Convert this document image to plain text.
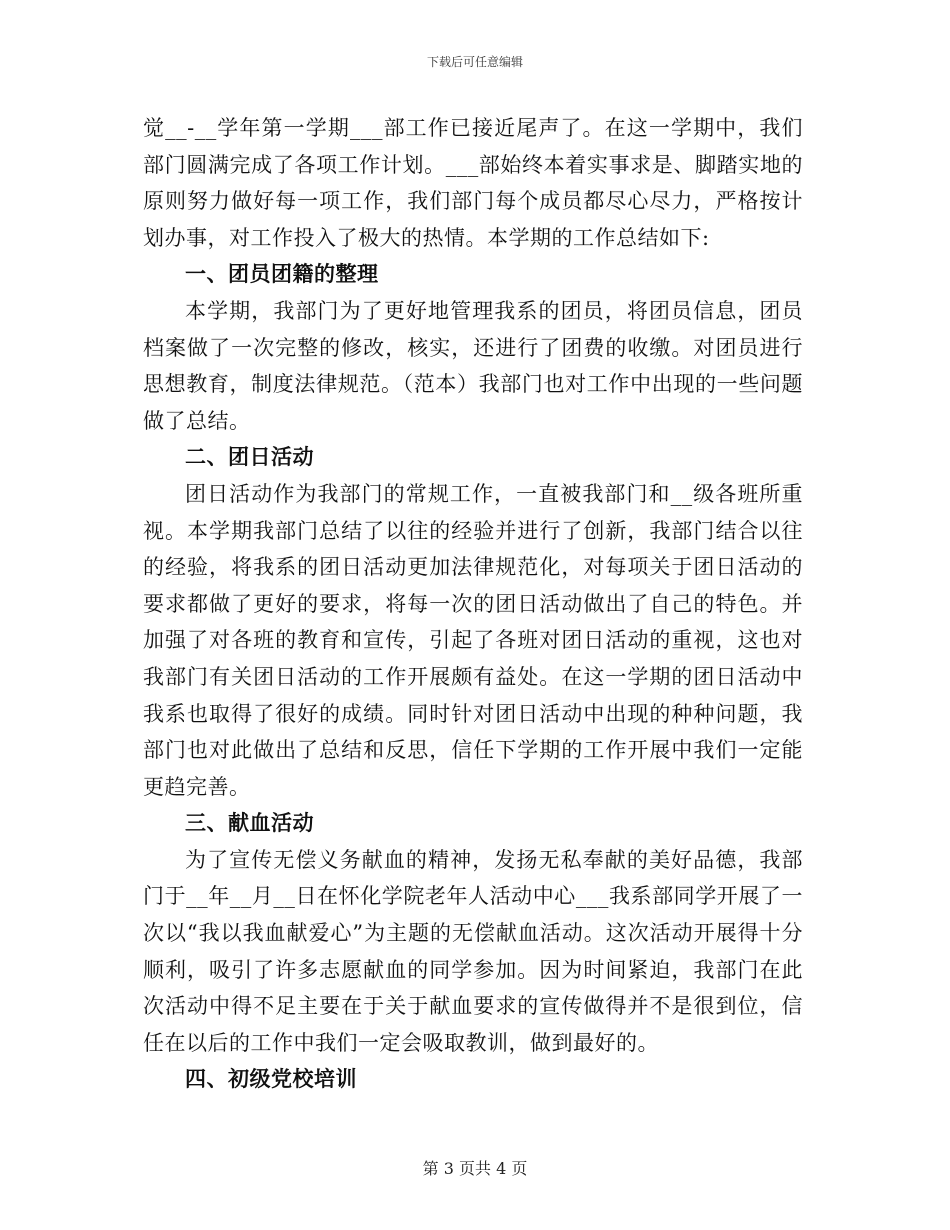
下载后可任意编辑

觉__-__学年第一学期___部工作已接近尾声了。在这一学期中，我们部门圆满完成了各项工作计划。___部始终本着实事求是、脚踏实地的原则努力做好每一项工作，我们部门每个成员都尽心尽力，严格按计划办事，对工作投入了极大的热情。本学期的工作总结如下:

一、团员团籍的整理

本学期，我部门为了更好地管理我系的团员，将团员信息，团员档案做了一次完整的修改，核实，还进行了团费的收缴。对团员进行思想教育，制度法律规范。（范本）我部门也对工作中出现的一些问题做了总结。

二、团日活动

团日活动作为我部门的常规工作，一直被我部门和__级各班所重视。本学期我部门总结了以往的经验并进行了创新，我部门结合以往的经验，将我系的团日活动更加法律规范化，对每项关于团日活动的要求都做了更好的要求，将每一次的团日活动做出了自己的特色。并加强了对各班的教育和宣传，引起了各班对团日活动的重视，这也对我部门有关团日活动的工作开展颇有益处。在这一学期的团日活动中我系也取得了很好的成绩。同时针对团日活动中出现的种种问题，我部门也对此做出了总结和反思，信任下学期的工作开展中我们一定能更趋完善。

三、献血活动

为了宣传无偿义务献血的精神，发扬无私奉献的美好品德，我部门于__年__月__日在怀化学院老年人活动中心___我系部同学开展了一次以“我以我血献爱心”为主题的无偿献血活动。这次活动开展得十分顺利，吸引了许多志愿献血的同学参加。因为时间紧迫，我部门在此次活动中得不足主要在于关于献血要求的宣传做得并不是很到位，信任在以后的工作中我们一定会吸取教训，做到最好的。

四、初级党校培训

第 3 页共 4 页
